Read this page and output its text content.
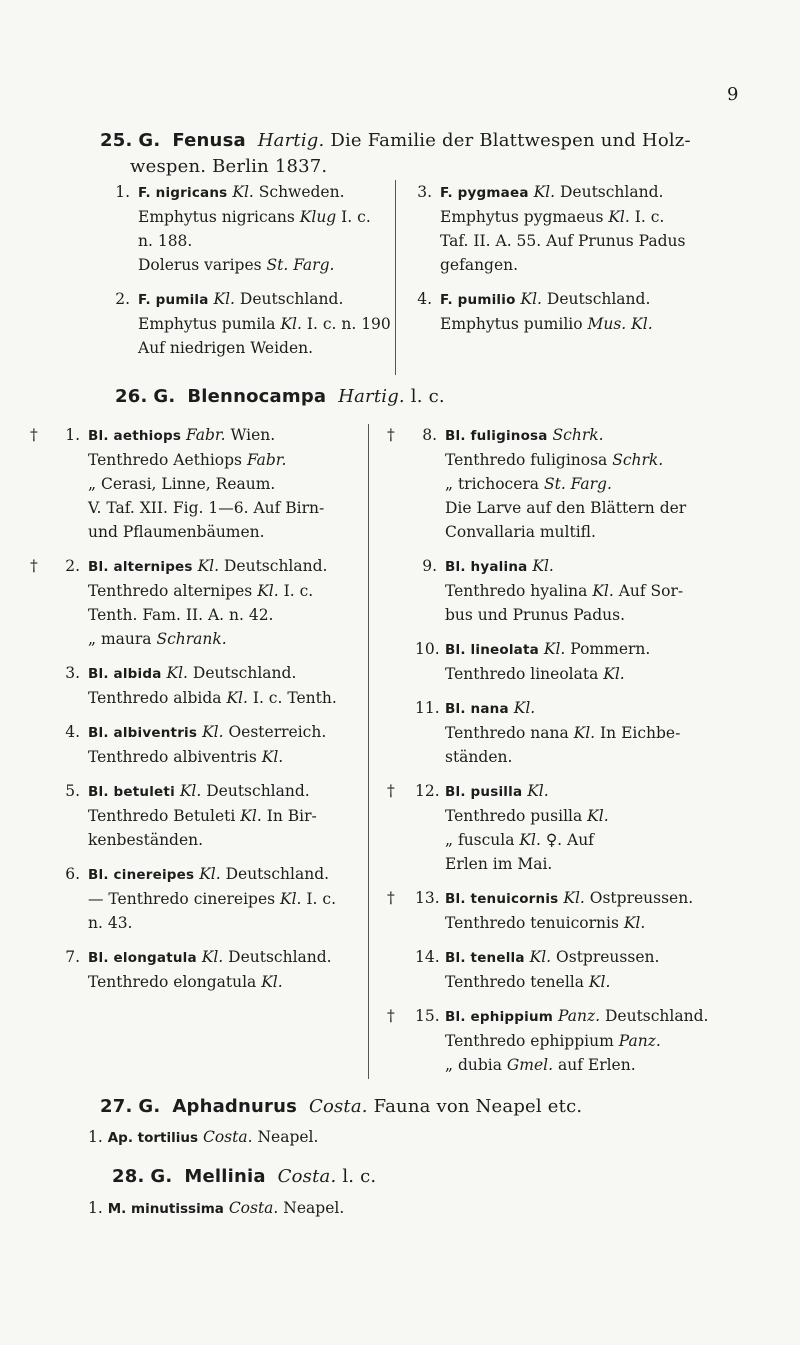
9
25. G. Fenusa Hartig. Die Familie der Blattwespen und Holz-
wespen. Berlin 1837.
1. F. nigricans Kl. Schweden.
Emphytus nigricans Klug I. c.
n. 188.
Dolerus varipes St. Farg.
2. F. pumila Kl. Deutschland.
Emphytus pumila Kl. I. c. n. 190
Auf niedrigen Weiden.
3. F. pygmaea Kl. Deutschland.
Emphytus pygmaeus Kl. I. c.
Taf. II. A. 55. Auf Prunus Padus
gefangen.
4. F. pumilio Kl. Deutschland.
Emphytus pumilio Mus. Kl.
26. G. Blennocampa Hartig. l. c.
†	1. Bl. aethiops Fabr. Wien.
Tenthredo Aethiops Fabr.
„ Cerasi, Linne, Reaum.
V. Taf. XII. Fig. 1—6. Auf Birn-
und Pflaumenbäumen.
†	2. Bl. alternipes Kl. Deutschland.
Tenthredo alternipes Kl. I. c.
Tenth. Fam. II. A. n. 42.
„ maura Schrank.
3. Bl. albida Kl. Deutschland.
Tenthredo albida Kl. I. c. Tenth.
4. Bl. albiventris Kl. Oesterreich.
Tenthredo albiventris Kl.
5. Bl. betuleti Kl. Deutschland.
Tenthredo Betuleti Kl. In Bir-
kenbeständen.
6. Bl. cinereipes Kl. Deutschland.
— Tenthredo cinereipes Kl. I. c.
n. 43.
7. Bl. elongatula Kl. Deutschland.
Tenthredo elongatula Kl.
†	8. Bl. fuliginosa Schrk.
Tenthredo fuliginosa Schrk.
„ trichocera St. Farg.
Die Larve auf den Blättern der
Convallaria multifl.
9. Bl. hyalina Kl.
Tenthredo hyalina Kl. Auf Sor-
bus und Prunus Padus.
10. Bl. lineolata Kl. Pommern.
Tenthredo lineolata Kl.
11. Bl. nana Kl.
Tenthredo nana Kl. In Eichbe-
ständen.
†	12. Bl. pusilla Kl.
Tenthredo pusilla Kl.
„ fuscula Kl. ♀. Auf
Erlen im Mai.
†	13. Bl. tenuicornis Kl. Ostpreussen.
Tenthredo tenuicornis Kl.
14. Bl. tenella Kl. Ostpreussen.
Tenthredo tenella Kl.
†	15. Bl. ephippium Panz. Deutschland.
Tenthredo ephippium Panz.
„ dubia Gmel. auf Erlen.
27. G. Aphadnurus Costa. Fauna von Neapel etc.
1. Ap. tortilius Costa. Neapel.
28. G. Mellinia Costa. l. c.
1. M. minutissima Costa. Neapel.
